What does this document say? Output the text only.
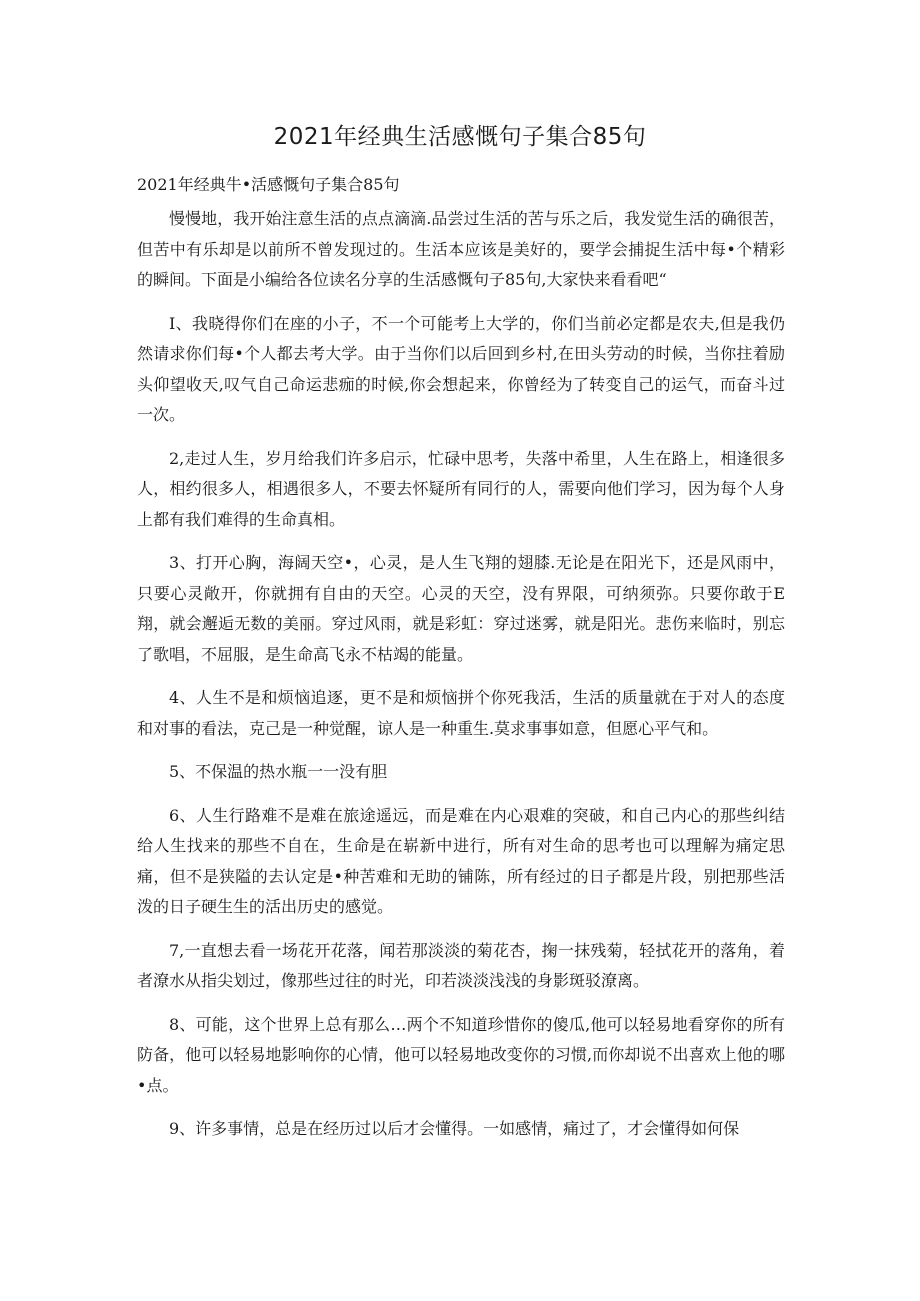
2021年经典生活感慨句子集合85句
2021年经典牛•活感慨句子集合85句

慢慢地，我开始注意生活的点点滴滴.品尝过生活的苦与乐之后，我发觉生活的确很苦，但苦中有乐却是以前所不曾发现过的。生活本应该是美好的，要学会捕捉生活中每•个精彩的瞬间。下面是小编给各位读名分享的生活感慨句子85句,大家快来看看吧“

I、我晓得你们在座的小子，不一个可能考上大学的，你们当前必定都是农夫,但是我仍然请求你们每•个人都去考大学。由于当你们以后回到乡村,在田头劳动的时候，当你拄着励头仰望收天,叹气自己命运悲痂的时候,你会想起来，你曾经为了转变自己的运气，而奋斗过一次。

2,走过人生，岁月给我们许多启示，忙碌中思考，失落中希里，人生在路上，相逢很多人，相约很多人，相遇很多人，不要去怀疑所有同行的人，需要向他们学习，因为每个人身上都有我们难得的生命真相。

3、打开心胸，海阔天空•，心灵，是人生飞翔的翅膝.无论是在阳光下，还是风雨中，只要心灵敞开，你就拥有自由的天空。心灵的天空，没有界限，可纳须弥。只要你敢于E翔，就会邂逅无数的美丽。穿过风雨，就是彩虹：穿过迷雾，就是阳光。悲伤来临时，别忘了歌唱，不屈服，是生命高飞永不枯竭的能量。

4、人生不是和烦恼追逐，更不是和烦恼拼个你死我活，生活的质量就在于对人的态度和对事的看法，克己是一种觉醒，谅人是一种重生.莫求事事如意，但愿心平气和。

5、不保温的热水瓶一一没有胆

6、人生行路难不是难在旅途遥远，而是难在内心艰难的突破，和自己内心的那些纠结给人生找来的那些不自在，生命是在崭新中进行，所有对生命的思考也可以理解为痛定思痛，但不是狭隘的去认定是•种苦难和无助的铺陈，所有经过的日子都是片段，别把那些活泼的日子硬生生的活出历史的感觉。

7,一直想去看一场花开花落，闻若那淡淡的菊花杏，掬一抹残菊，轻拭花开的落角，着者潦水从指尖划过，像那些过往的时光，印若淡淡浅浅的身影斑驳潦离。

8、可能，这个世界上总有那么…两个不知道珍惜你的傻瓜,他可以轻易地看穿你的所有防备，他可以轻易地影响你的心情，他可以轻易地改变你的习惯,而你却说不出喜欢上他的哪•点。

9、许多事情，总是在经历过以后才会懂得。一如感情，痛过了，才会懂得如何保
